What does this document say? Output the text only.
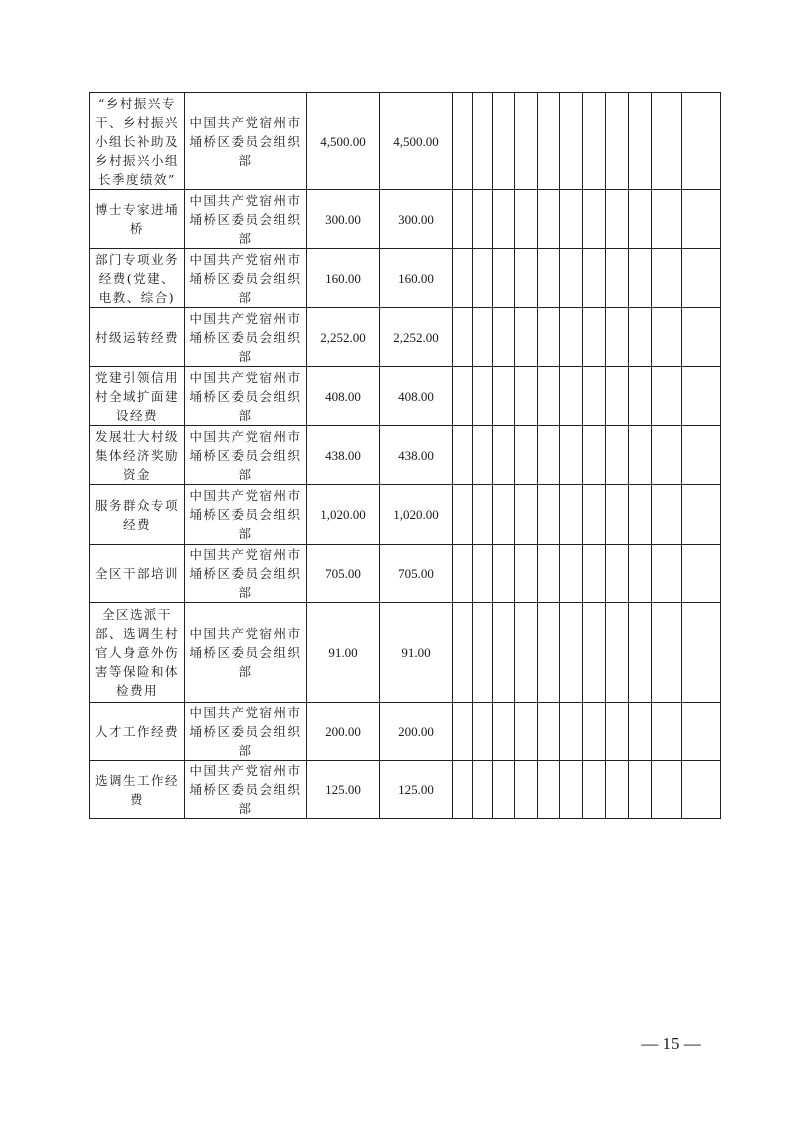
“乡村振兴专干、乡村振兴小组长补助及乡村振兴小组长季度绩效”	中国共产党宿州市埇桥区委员会组织部	4,500.00	4,500.00											

博士专家进埇桥	中国共产党宿州市埇桥区委员会组织部	300.00	300.00											

部门专项业务经费(党建、电教、综合)	中国共产党宿州市埇桥区委员会组织部	160.00	160.00											

村级运转经费	中国共产党宿州市埇桥区委员会组织部	2,252.00	2,252.00											

党建引领信用村全域扩面建设经费	中国共产党宿州市埇桥区委员会组织部	408.00	408.00											

发展壮大村级集体经济奖励资金	中国共产党宿州市埇桥区委员会组织部	438.00	438.00											

服务群众专项经费	中国共产党宿州市埇桥区委员会组织部	1,020.00	1,020.00											

全区干部培训	中国共产党宿州市埇桥区委员会组织部	705.00	705.00											

全区选派干部、选调生村官人身意外伤害等保险和体检费用	中国共产党宿州市埇桥区委员会组织部	91.00	91.00											

人才工作经费	中国共产党宿州市埇桥区委员会组织部	200.00	200.00											

选调生工作经费	中国共产党宿州市埇桥区委员会组织部	125.00	125.00											

— 15 —
